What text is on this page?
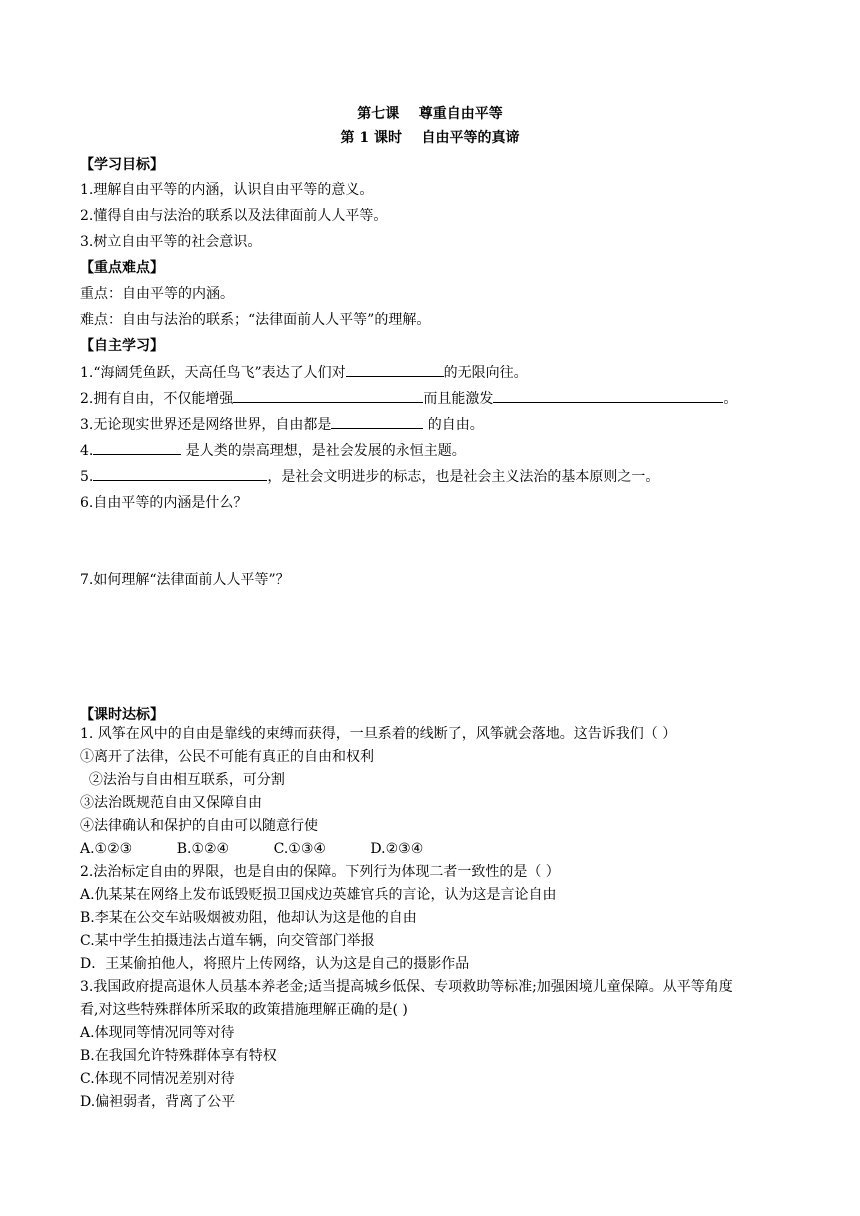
第七课    尊重自由平等
第 1 课时    自由平等的真谛
【学习目标】
1.理解自由平等的内涵，认识自由平等的意义。
2.懂得自由与法治的联系以及法律面前人人平等。
3.树立自由平等的社会意识。
【重点难点】
重点：自由平等的内涵。
难点：自由与法治的联系；“法律面前人人平等”的理解。
【自主学习】
1.“海阔凭鱼跃，天高任鸟飞”表达了人们对	的无限向往。
2.拥有自由，不仅能增强	而且能激发	。
3.无论现实世界还是网络世界，自由都是	的自由。
4.	是人类的崇高理想，是社会发展的永恒主题。
5.	，是社会文明进步的标志，也是社会主义法治的基本原则之一。
6.自由平等的内涵是什么？
7.如何理解“法律面前人人平等”？
【课时达标】
1. 风筝在风中的自由是靠线的束缚而获得，一旦系着的线断了，风筝就会落地。这告诉我们（ ）
①离开了法律，公民不可能有真正的自由和权利
②法治与自由相互联系，可分割
③法治既规范自由又保障自由
④法律确认和保护的自由可以随意行使
A.①②③          B.①②④          C.①③④          D.②③④
2.法治标定自由的界限，也是自由的保障。下列行为体现二者一致性的是（ ）
A.仇某某在网络上发布诋毁贬损卫国戍边英雄官兵的言论，认为这是言论自由
B.李某在公交车站吸烟被劝阻，他却认为这是他的自由
C.某中学生拍摄违法占道车辆，向交管部门举报
D．王某偷拍他人，将照片上传网络，认为这是自己的摄影作品
3.我国政府提高退休人员基本养老金;适当提高城乡低保、专项救助等标准;加强困境儿童保障。从平等角度
看,对这些特殊群体所采取的政策措施理解正确的是( )
A.体现同等情况同等对待
B.在我国允许特殊群体享有特权
C.体现不同情况差别对待
D.偏袒弱者，背离了公平
